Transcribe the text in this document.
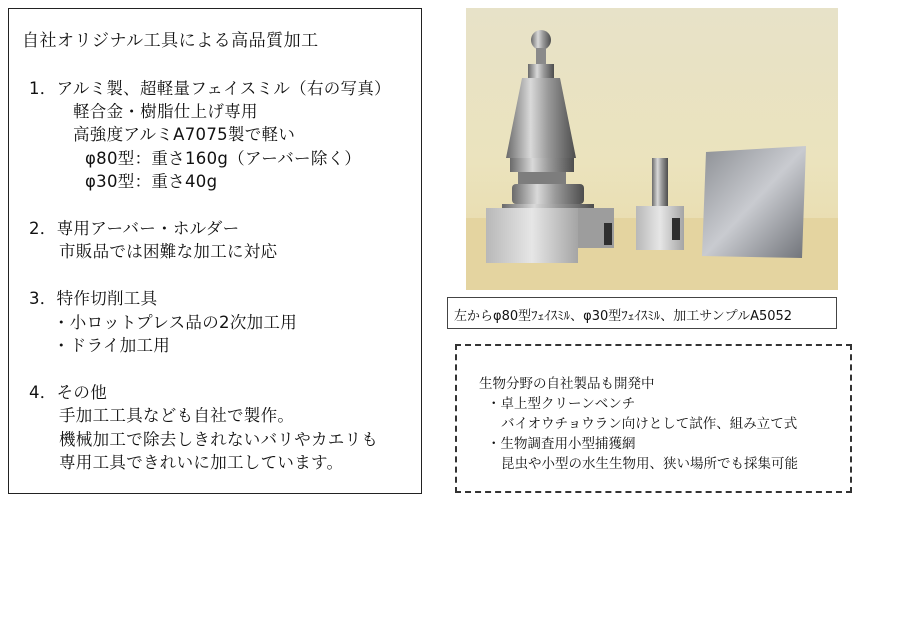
自社オリジナル工具による高品質加工
1．アルミ製、超軽量フェイスミル（右の写真）
軽合金・樹脂仕上げ専用
高強度アルミA7075製で軽い
φ80型：重さ160g（アーバー除く）
φ30型：重さ40g
2．専用アーバー・ホルダー
市販品では困難な加工に対応
3．特作切削工具
・小ロットプレス品の2次加工用
・ドライ加工用
4．その他
手加工工具なども自社で製作。
機械加工で除去しきれないバリやカエリも
専用工具できれいに加工しています。
左からφ80型ﾌｪｲｽﾐﾙ、φ30型ﾌｪｲｽﾐﾙ、加工サンプルA5052
生物分野の自社製品も開発中
・卓上型クリーンベンチ
バイオウチョウラン向けとして試作、組み立て式
・生物調査用小型捕獲網
昆虫や小型の水生生物用、狭い場所でも採集可能
